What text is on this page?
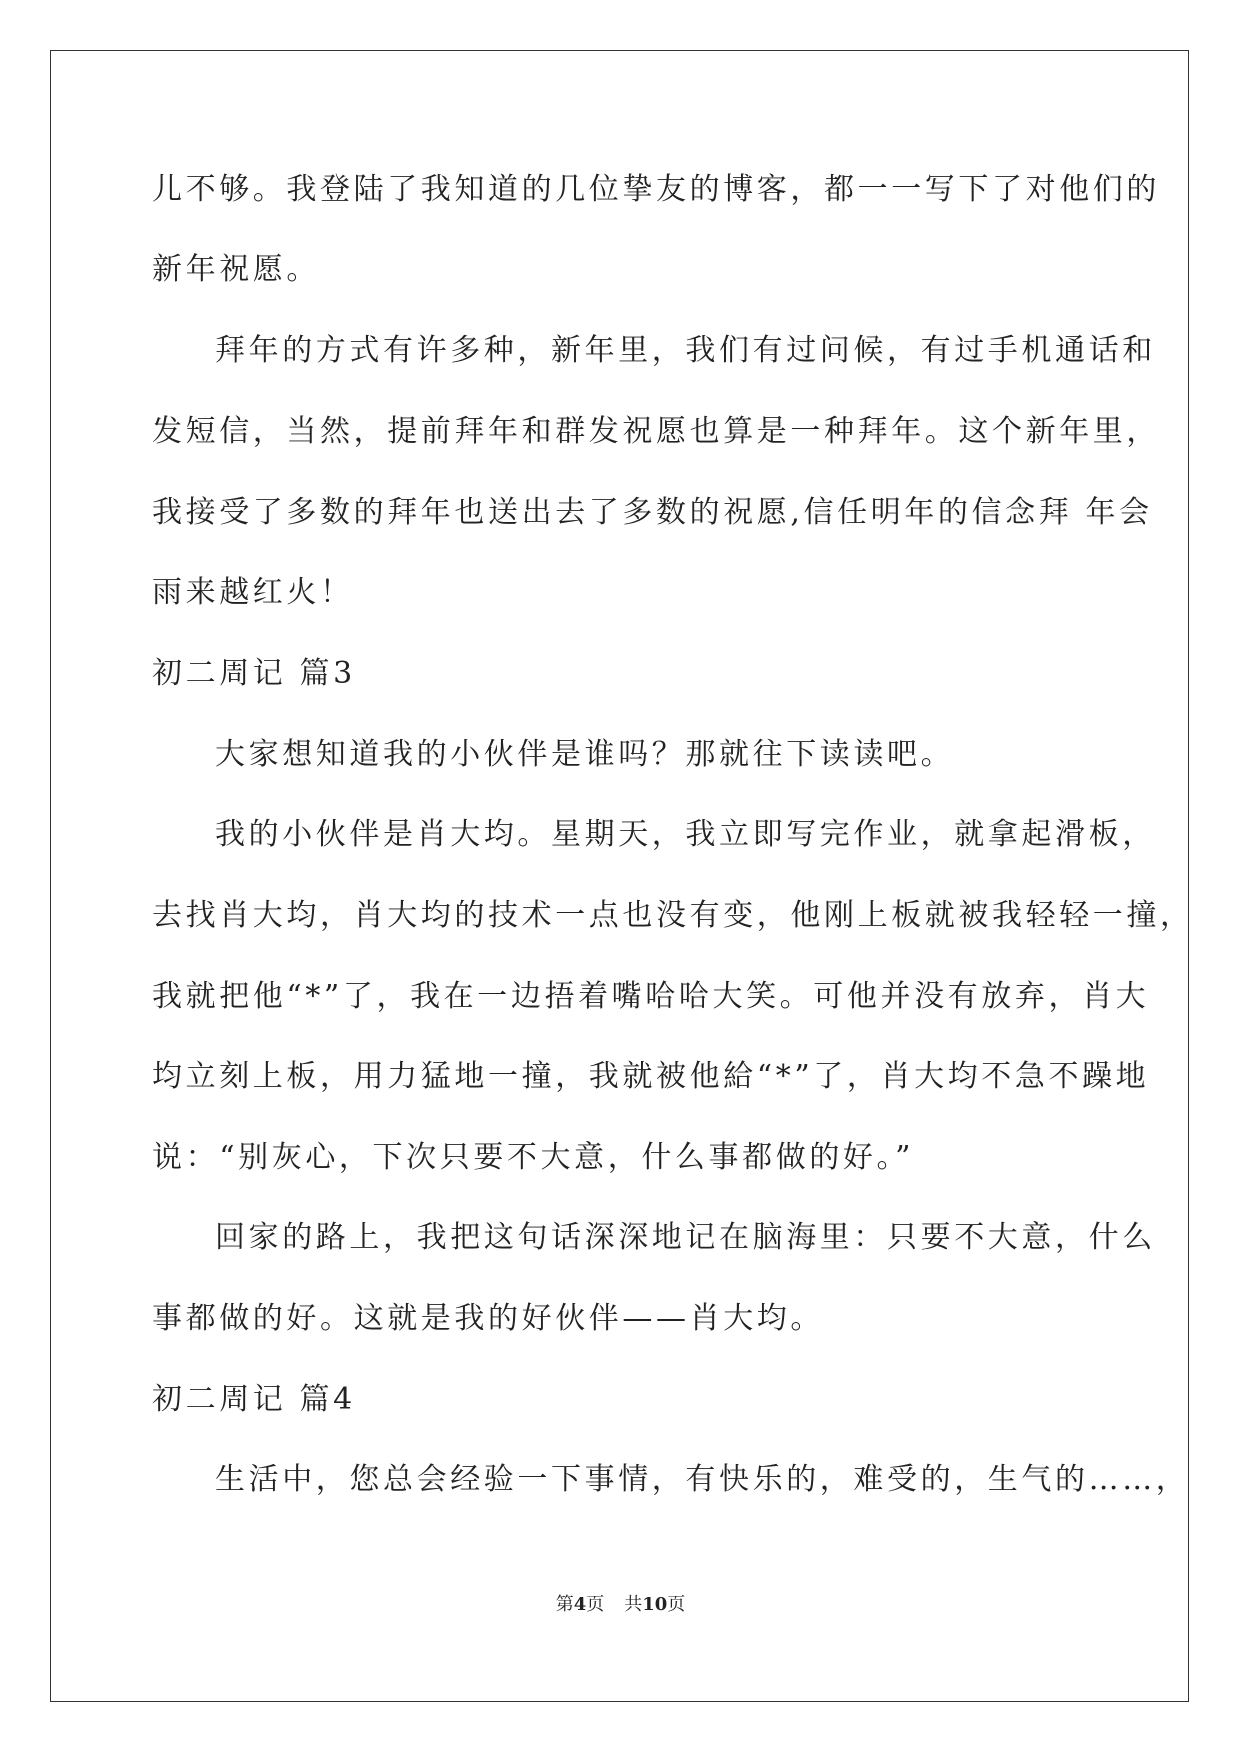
儿不够。我登陆了我知道的几位挚友的博客，都一一写下了对他们的
新年祝愿。
拜年的方式有许多种，新年里，我们有过问候，有过手机通话和
发短信，当然，提前拜年和群发祝愿也算是一种拜年。这个新年里，
我接受了多数的拜年也送出去了多数的祝愿,信任明年的信念拜 年会
雨来越红火！
初二周记 篇3
大家想知道我的小伙伴是谁吗？那就往下读读吧。
我的小伙伴是肖大均。星期天，我立即写完作业，就拿起滑板，
去找肖大均，肖大均的技术一点也没有变，他刚上板就被我轻轻一撞，
我就把他“*”了，我在一边捂着嘴哈哈大笑。可他并没有放弃，肖大
均立刻上板，用力猛地一撞，我就被他給“*”了，肖大均不急不躁地
说：“别灰心，下次只要不大意，什么事都做的好。”
回家的路上，我把这句话深深地记在脑海里：只要不大意，什么
事都做的好。这就是我的好伙伴——肖大均。
初二周记 篇4
生活中，您总会经验一下事情，有快乐的，难受的，生气的……，
第4页 共10页
